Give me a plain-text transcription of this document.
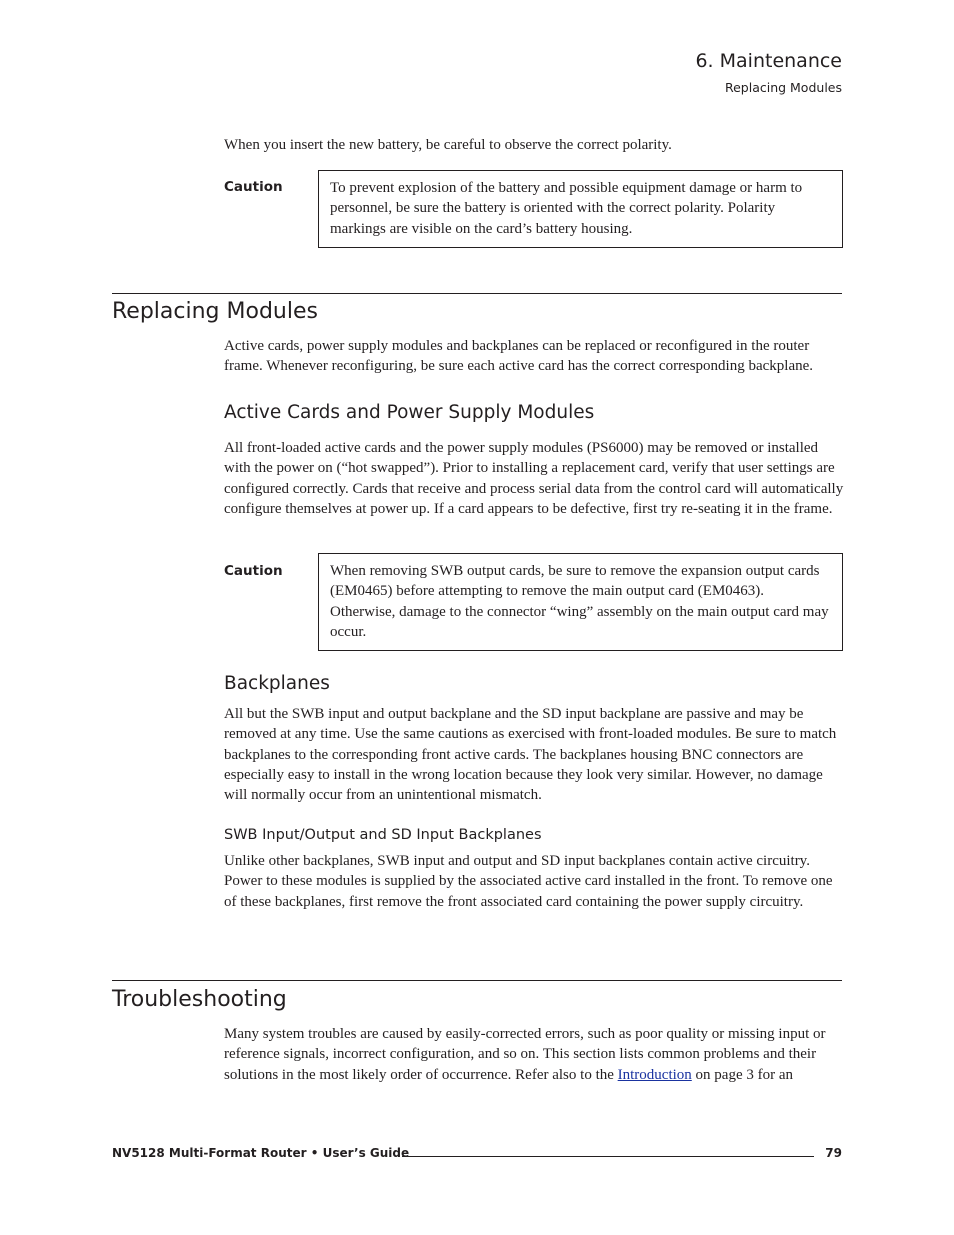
6. Maintenance
Replacing Modules
When you insert the new battery, be careful to observe the correct polarity.
Caution	To prevent explosion of the battery and possible equipment damage or harm to personnel, be sure the battery is oriented with the correct polarity. Polarity markings are visible on the card’s battery housing.
Replacing Modules
Active cards, power supply modules and backplanes can be replaced or reconfigured in the router frame. Whenever reconfiguring, be sure each active card has the correct corresponding backplane.
Active Cards and Power Supply Modules
All front-loaded active cards and the power supply modules (PS6000) may be removed or installed with the power on (“hot swapped”). Prior to installing a replacement card, verify that user settings are configured correctly. Cards that receive and process serial data from the control card will automatically configure themselves at power up. If a card appears to be defective, first try re-seating it in the frame.
Caution	When removing SWB output cards, be sure to remove the expansion output cards (EM0465) before attempting to remove the main output card (EM0463). Otherwise, damage to the connector “wing” assembly on the main output card may occur.
Backplanes
All but the SWB input and output backplane and the SD input backplane are passive and may be removed at any time. Use the same cautions as exercised with front-loaded modules. Be sure to match backplanes to the corresponding front active cards. The backplanes housing BNC connectors are especially easy to install in the wrong location because they look very similar. However, no damage will normally occur from an unintentional mismatch.
SWB Input/Output and SD Input Backplanes
Unlike other backplanes, SWB input and output and SD input backplanes contain active circuitry. Power to these modules is supplied by the associated active card installed in the front. To remove one of these backplanes, first remove the front associated card containing the power supply circuitry.
Troubleshooting
Many system troubles are caused by easily-corrected errors, such as poor quality or missing input or reference signals, incorrect configuration, and so on. This section lists common problems and their solutions in the most likely order of occurrence. Refer also to the Introduction on page 3 for an
NV5128 Multi-Format Router • User’s Guide	79
